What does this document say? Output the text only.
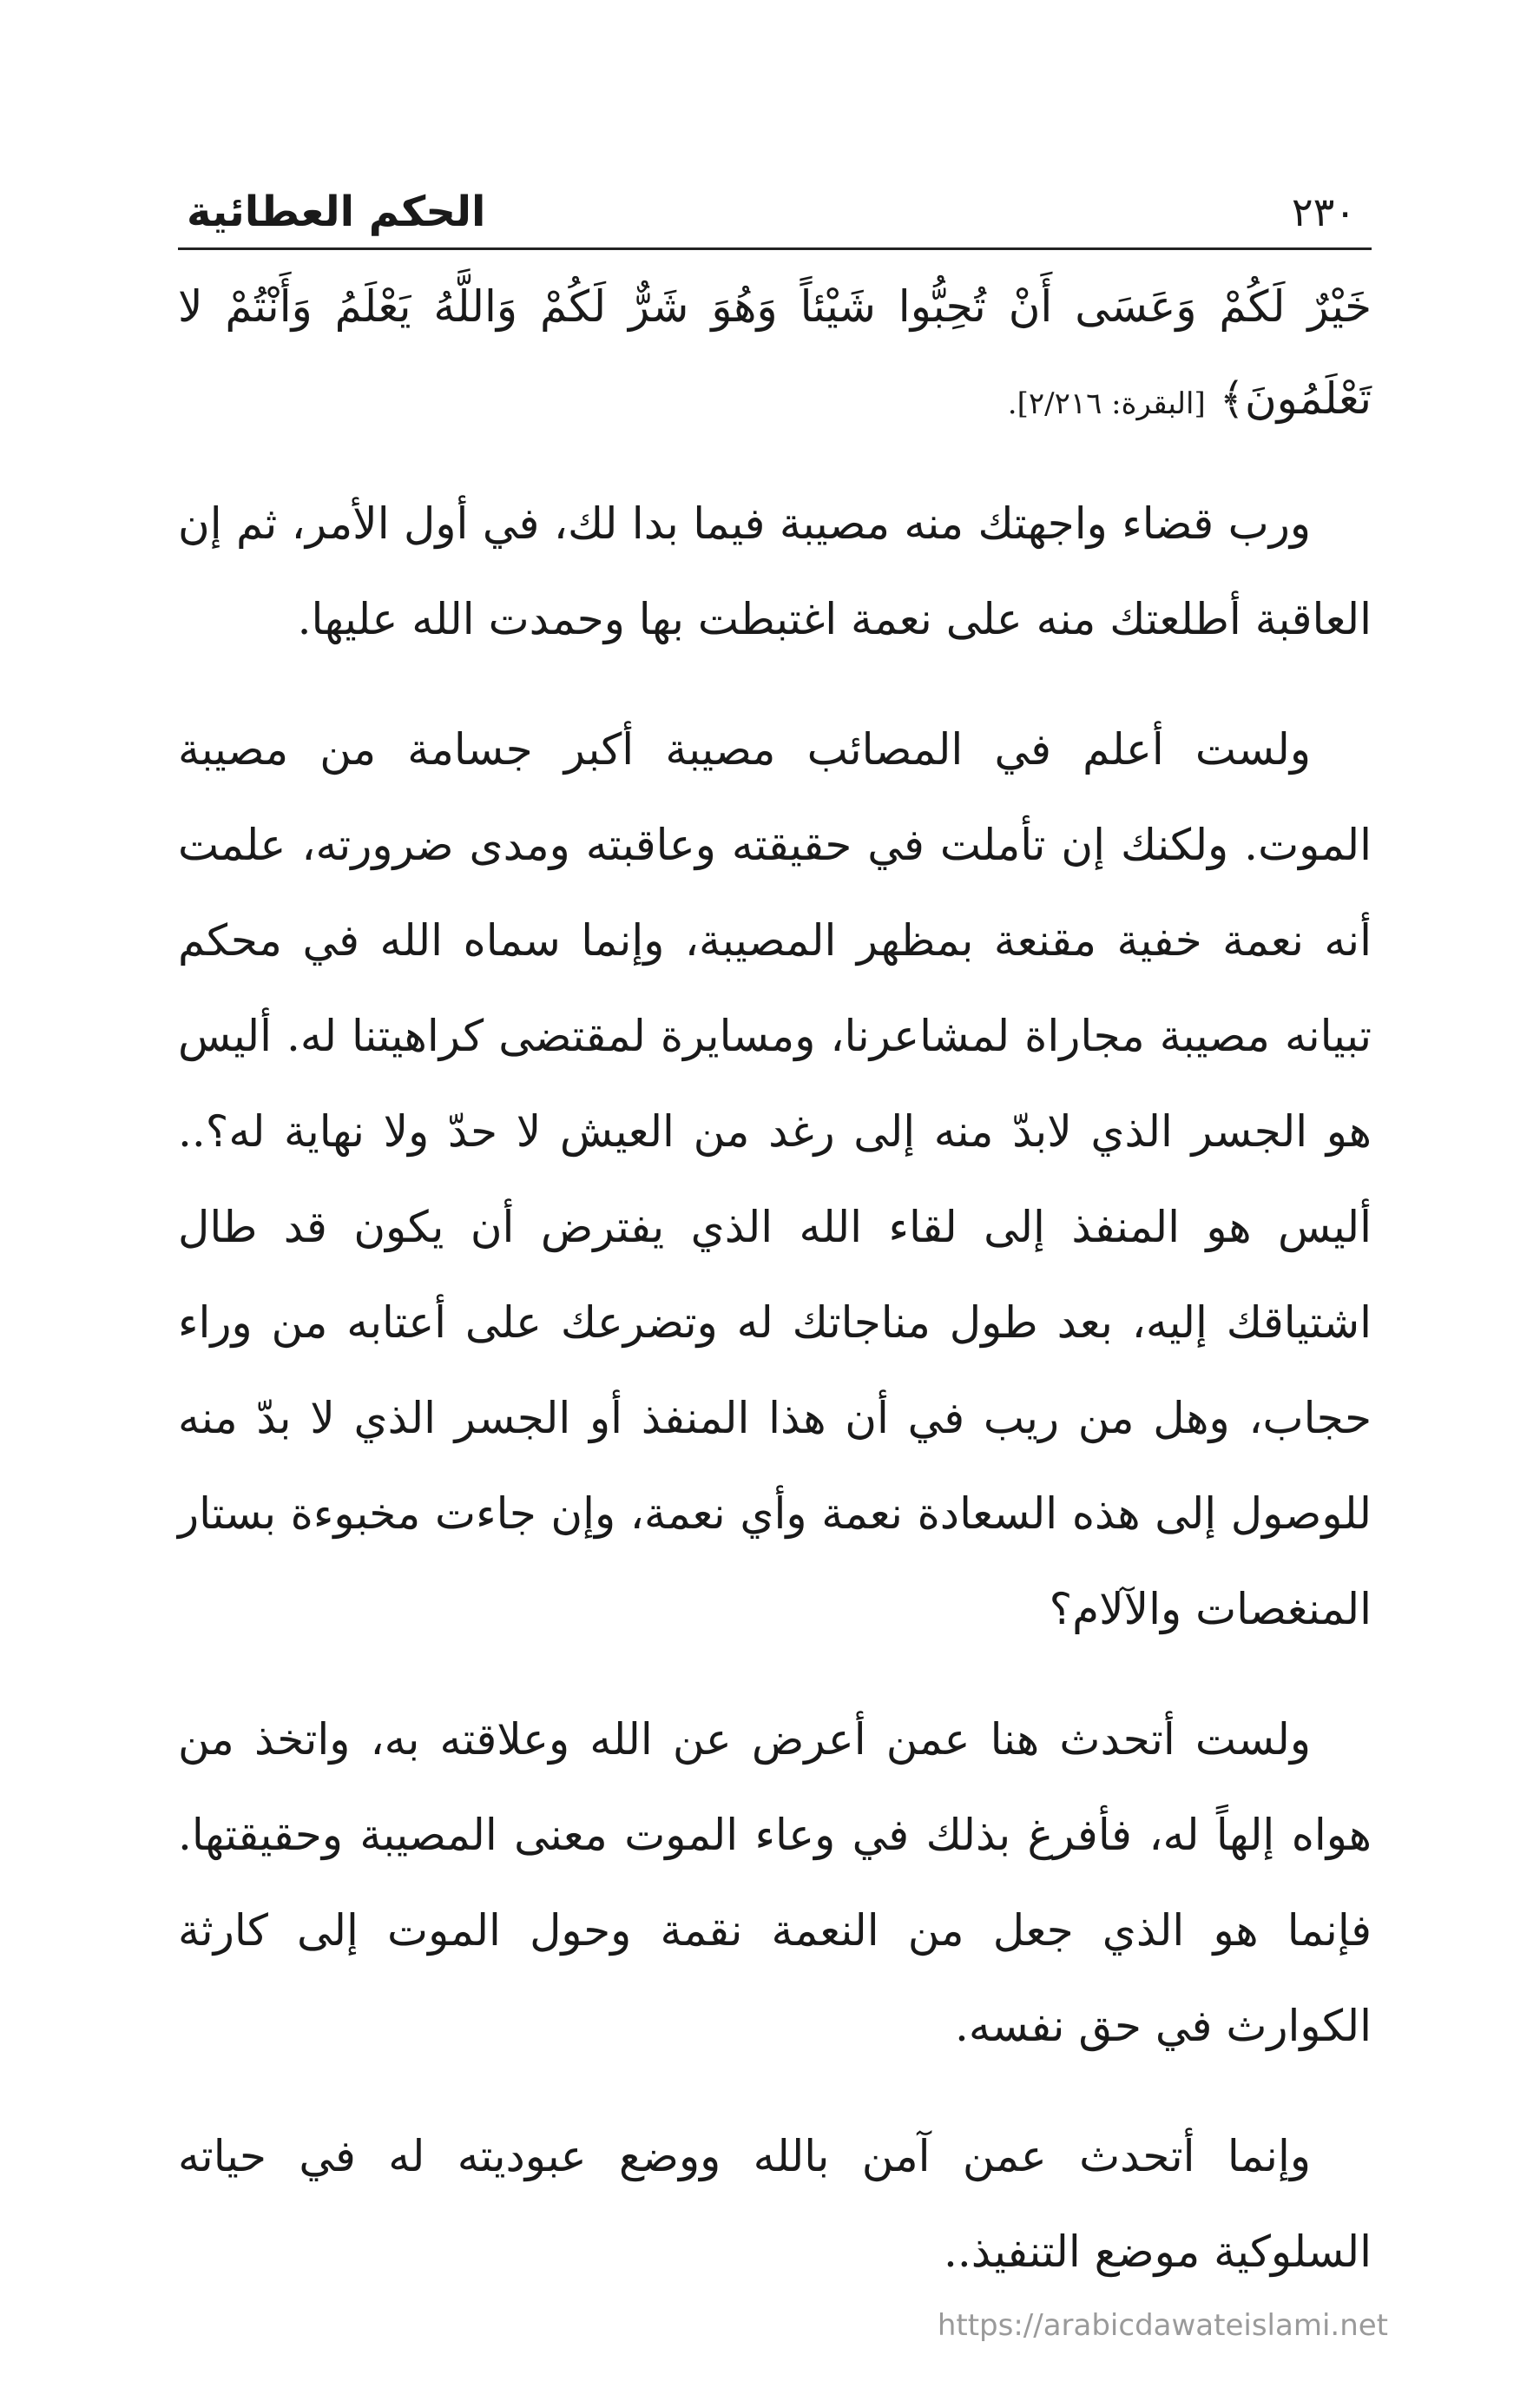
الحكم العطائية	٢٣٠

خَيْرٌ لَكُمْ وَعَسَى أَنْ تُحِبُّوا شَيْئاً وَهُوَ شَرٌّ لَكُمْ وَاللَّهُ يَعْلَمُ وَأَنْتُمْ لا تَعْلَمُونَ﴾ [البقرة: ٢/٢١٦].

ورب قضاء واجهتك منه مصيبة فيما بدا لك، في أول الأمر، ثم إن العاقبة أطلعتك منه على نعمة اغتبطت بها وحمدت الله عليها.

ولست أعلم في المصائب مصيبة أكبر جسامة من مصيبة الموت. ولكنك إن تأملت في حقيقته وعاقبته ومدى ضرورته، علمت أنه نعمة خفية مقنعة بمظهر المصيبة، وإنما سماه الله في محكم تبيانه مصيبة مجاراة لمشاعرنا، ومسايرة لمقتضى كراهيتنا له. أليس هو الجسر الذي لابدّ منه إلى رغد من العيش لا حدّ ولا نهاية له؟.. أليس هو المنفذ إلى لقاء الله الذي يفترض أن يكون قد طال اشتياقك إليه، بعد طول مناجاتك له وتضرعك على أعتابه من وراء حجاب، وهل من ريب في أن هذا المنفذ أو الجسر الذي لا بدّ منه للوصول إلى هذه السعادة نعمة وأي نعمة، وإن جاءت مخبوءة بستار المنغصات والآلام؟

ولست أتحدث هنا عمن أعرض عن الله وعلاقته به، واتخذ من هواه إلهاً له، فأفرغ بذلك في وعاء الموت معنى المصيبة وحقيقتها. فإنما هو الذي جعل من النعمة نقمة وحول الموت إلى كارثة الكوارث في حق نفسه.

وإنما أتحدث عمن آمن بالله ووضع عبوديته له في حياته السلوكية موضع التنفيذ..

https://arabicdawateislami.net
